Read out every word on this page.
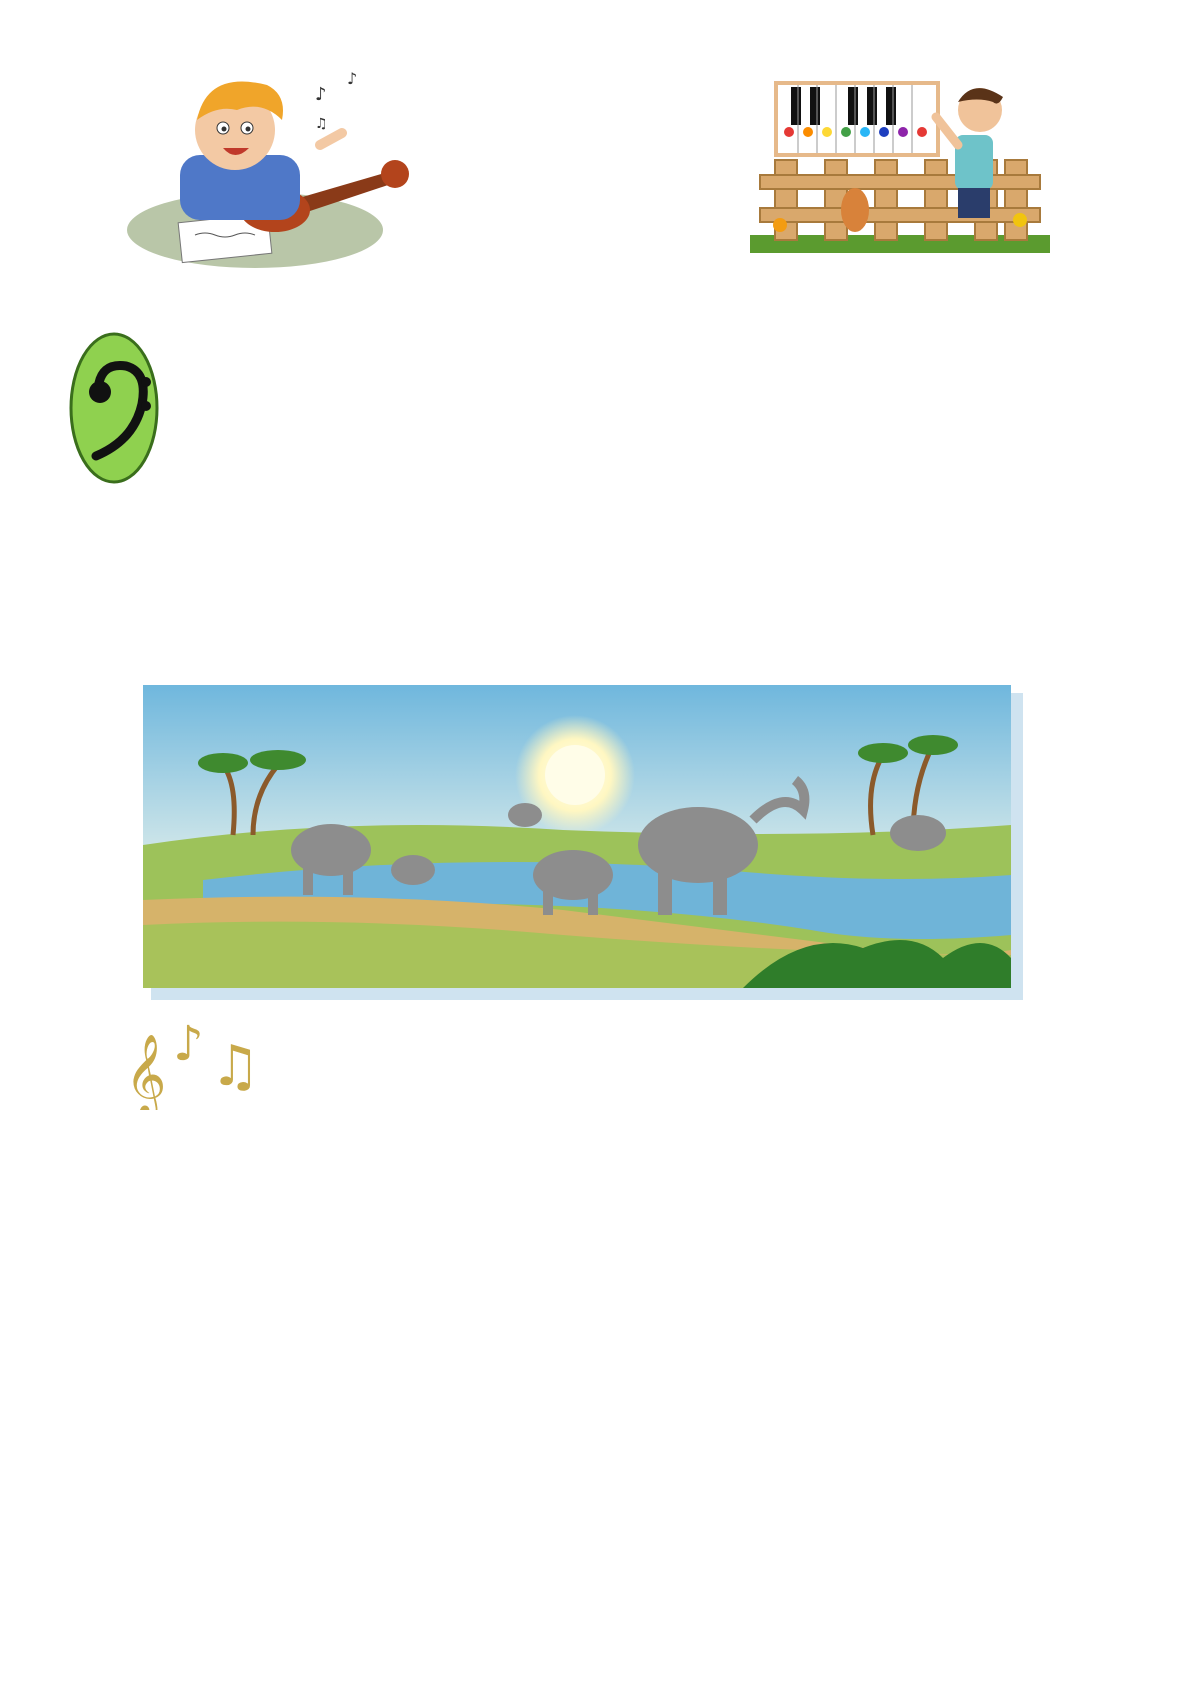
♪
♪
♫
𝄞 ♪ ♫
